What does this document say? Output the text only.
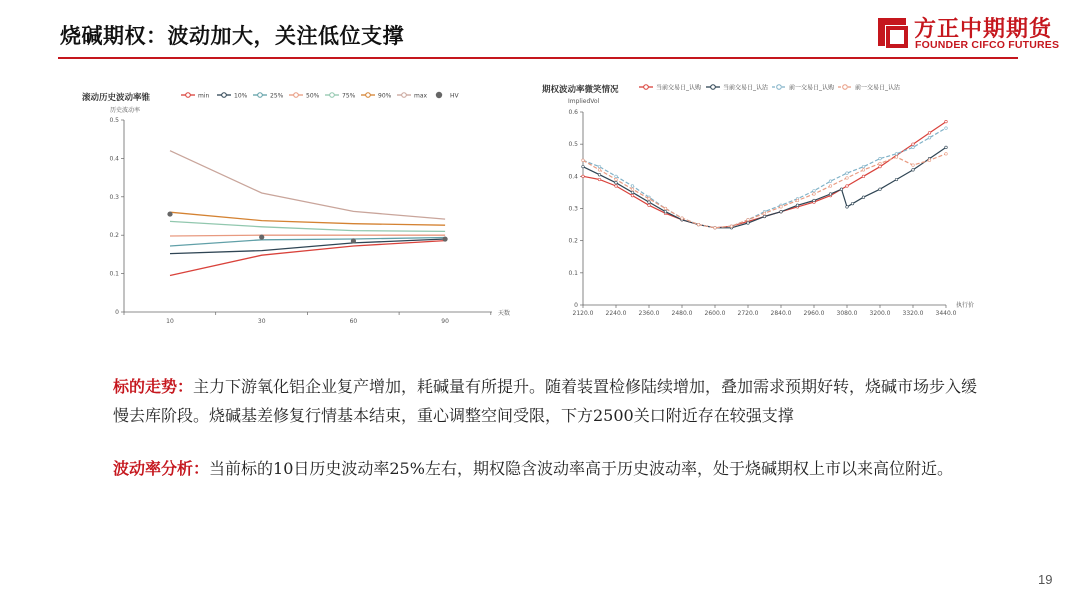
烧碱期权：波动加大，关注低位支撑	方正中期期货
FOUNDER CIFCO FUTURES
滚动历史波动率锥
历史波动率
天数
0
0.1
0.2
0.3
0.4
0.5
10	30	60	90
min	10%	25%	50%	75%	90%	max	HV
期权波动率微笑情况
ImpliedVol
执行价
0
0.1
0.2
0.3
0.4
0.5
0.6
2120.0 2240.0 2360.0 2480.0 2600.0 2720.0 2840.0 2960.0 3080.0 3200.0 3320.0 3440.0
当前交易日_认购	当前交易日_认沽	前一交易日_认购	前一交易日_认沽
标的走势：主力下游氧化铝企业复产增加，耗碱量有所提升。随着装置检修陆续增加，叠加需求预期好转，烧碱市场步入缓慢去库阶段。烧碱基差修复行情基本结束，重心调整空间受限，下方2500关口附近存在较强支撑
波动率分析：当前标的10日历史波动率25%左右，期权隐含波动率高于历史波动率，处于烧碱期权上市以来高位附近。
19
